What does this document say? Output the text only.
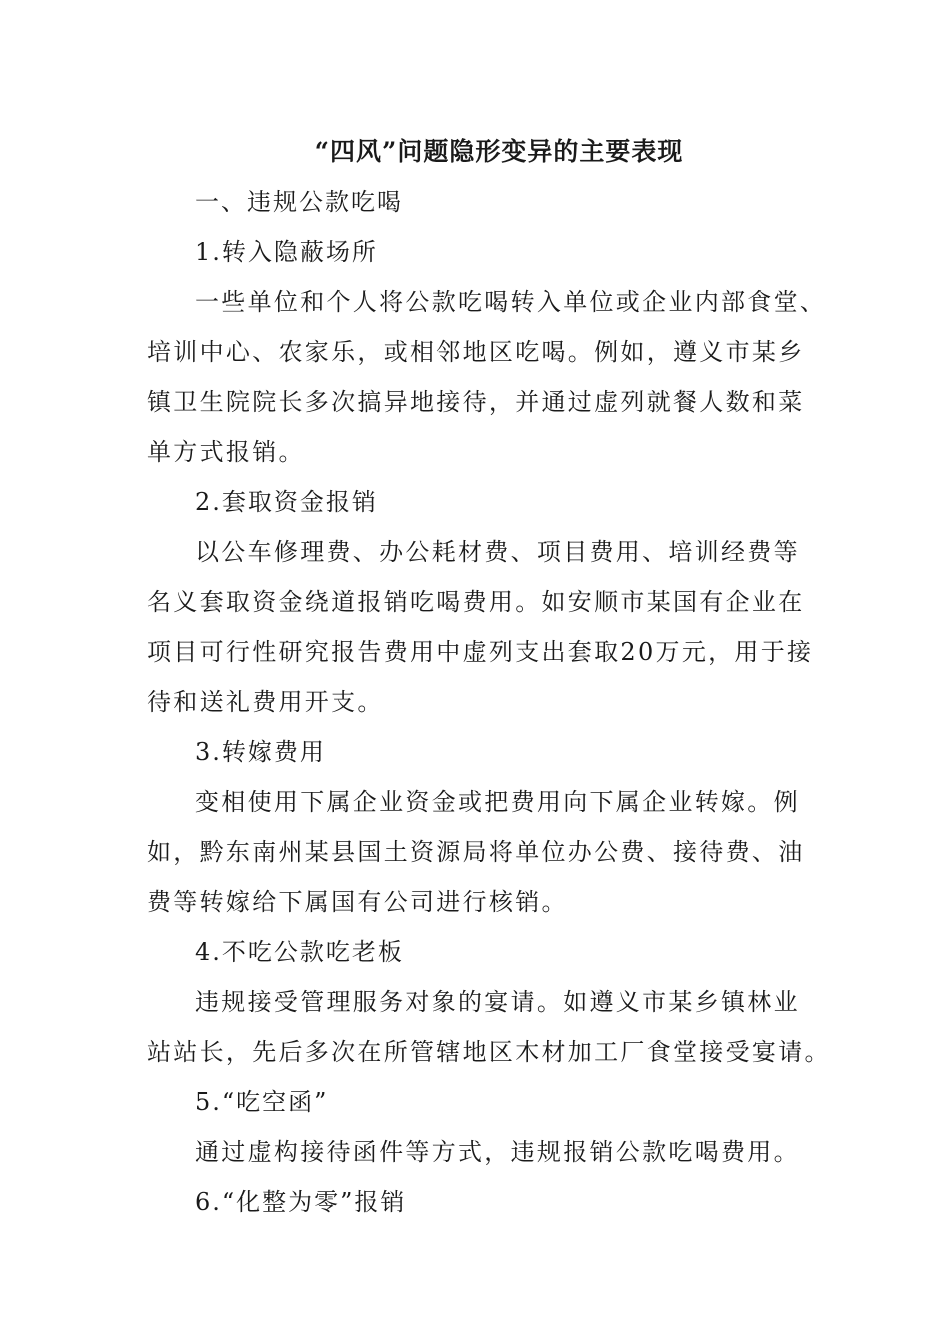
“四风”问题隐形变异的主要表现

一、违规公款吃喝

1.转入隐蔽场所

一些单位和个人将公款吃喝转入单位或企业内部食堂、
培训中心、农家乐，或相邻地区吃喝。例如，遵义市某乡
镇卫生院院长多次搞异地接待，并通过虚列就餐人数和菜
单方式报销。

2.套取资金报销

以公车修理费、办公耗材费、项目费用、培训经费等
名义套取资金绕道报销吃喝费用。如安顺市某国有企业在
项目可行性研究报告费用中虚列支出套取20万元，用于接
待和送礼费用开支。

3.转嫁费用

变相使用下属企业资金或把费用向下属企业转嫁。例
如，黔东南州某县国土资源局将单位办公费、接待费、油
费等转嫁给下属国有公司进行核销。

4.不吃公款吃老板

违规接受管理服务对象的宴请。如遵义市某乡镇林业
站站长，先后多次在所管辖地区木材加工厂食堂接受宴请。

5.“吃空函”

通过虚构接待函件等方式，违规报销公款吃喝费用。

6.“化整为零”报销
